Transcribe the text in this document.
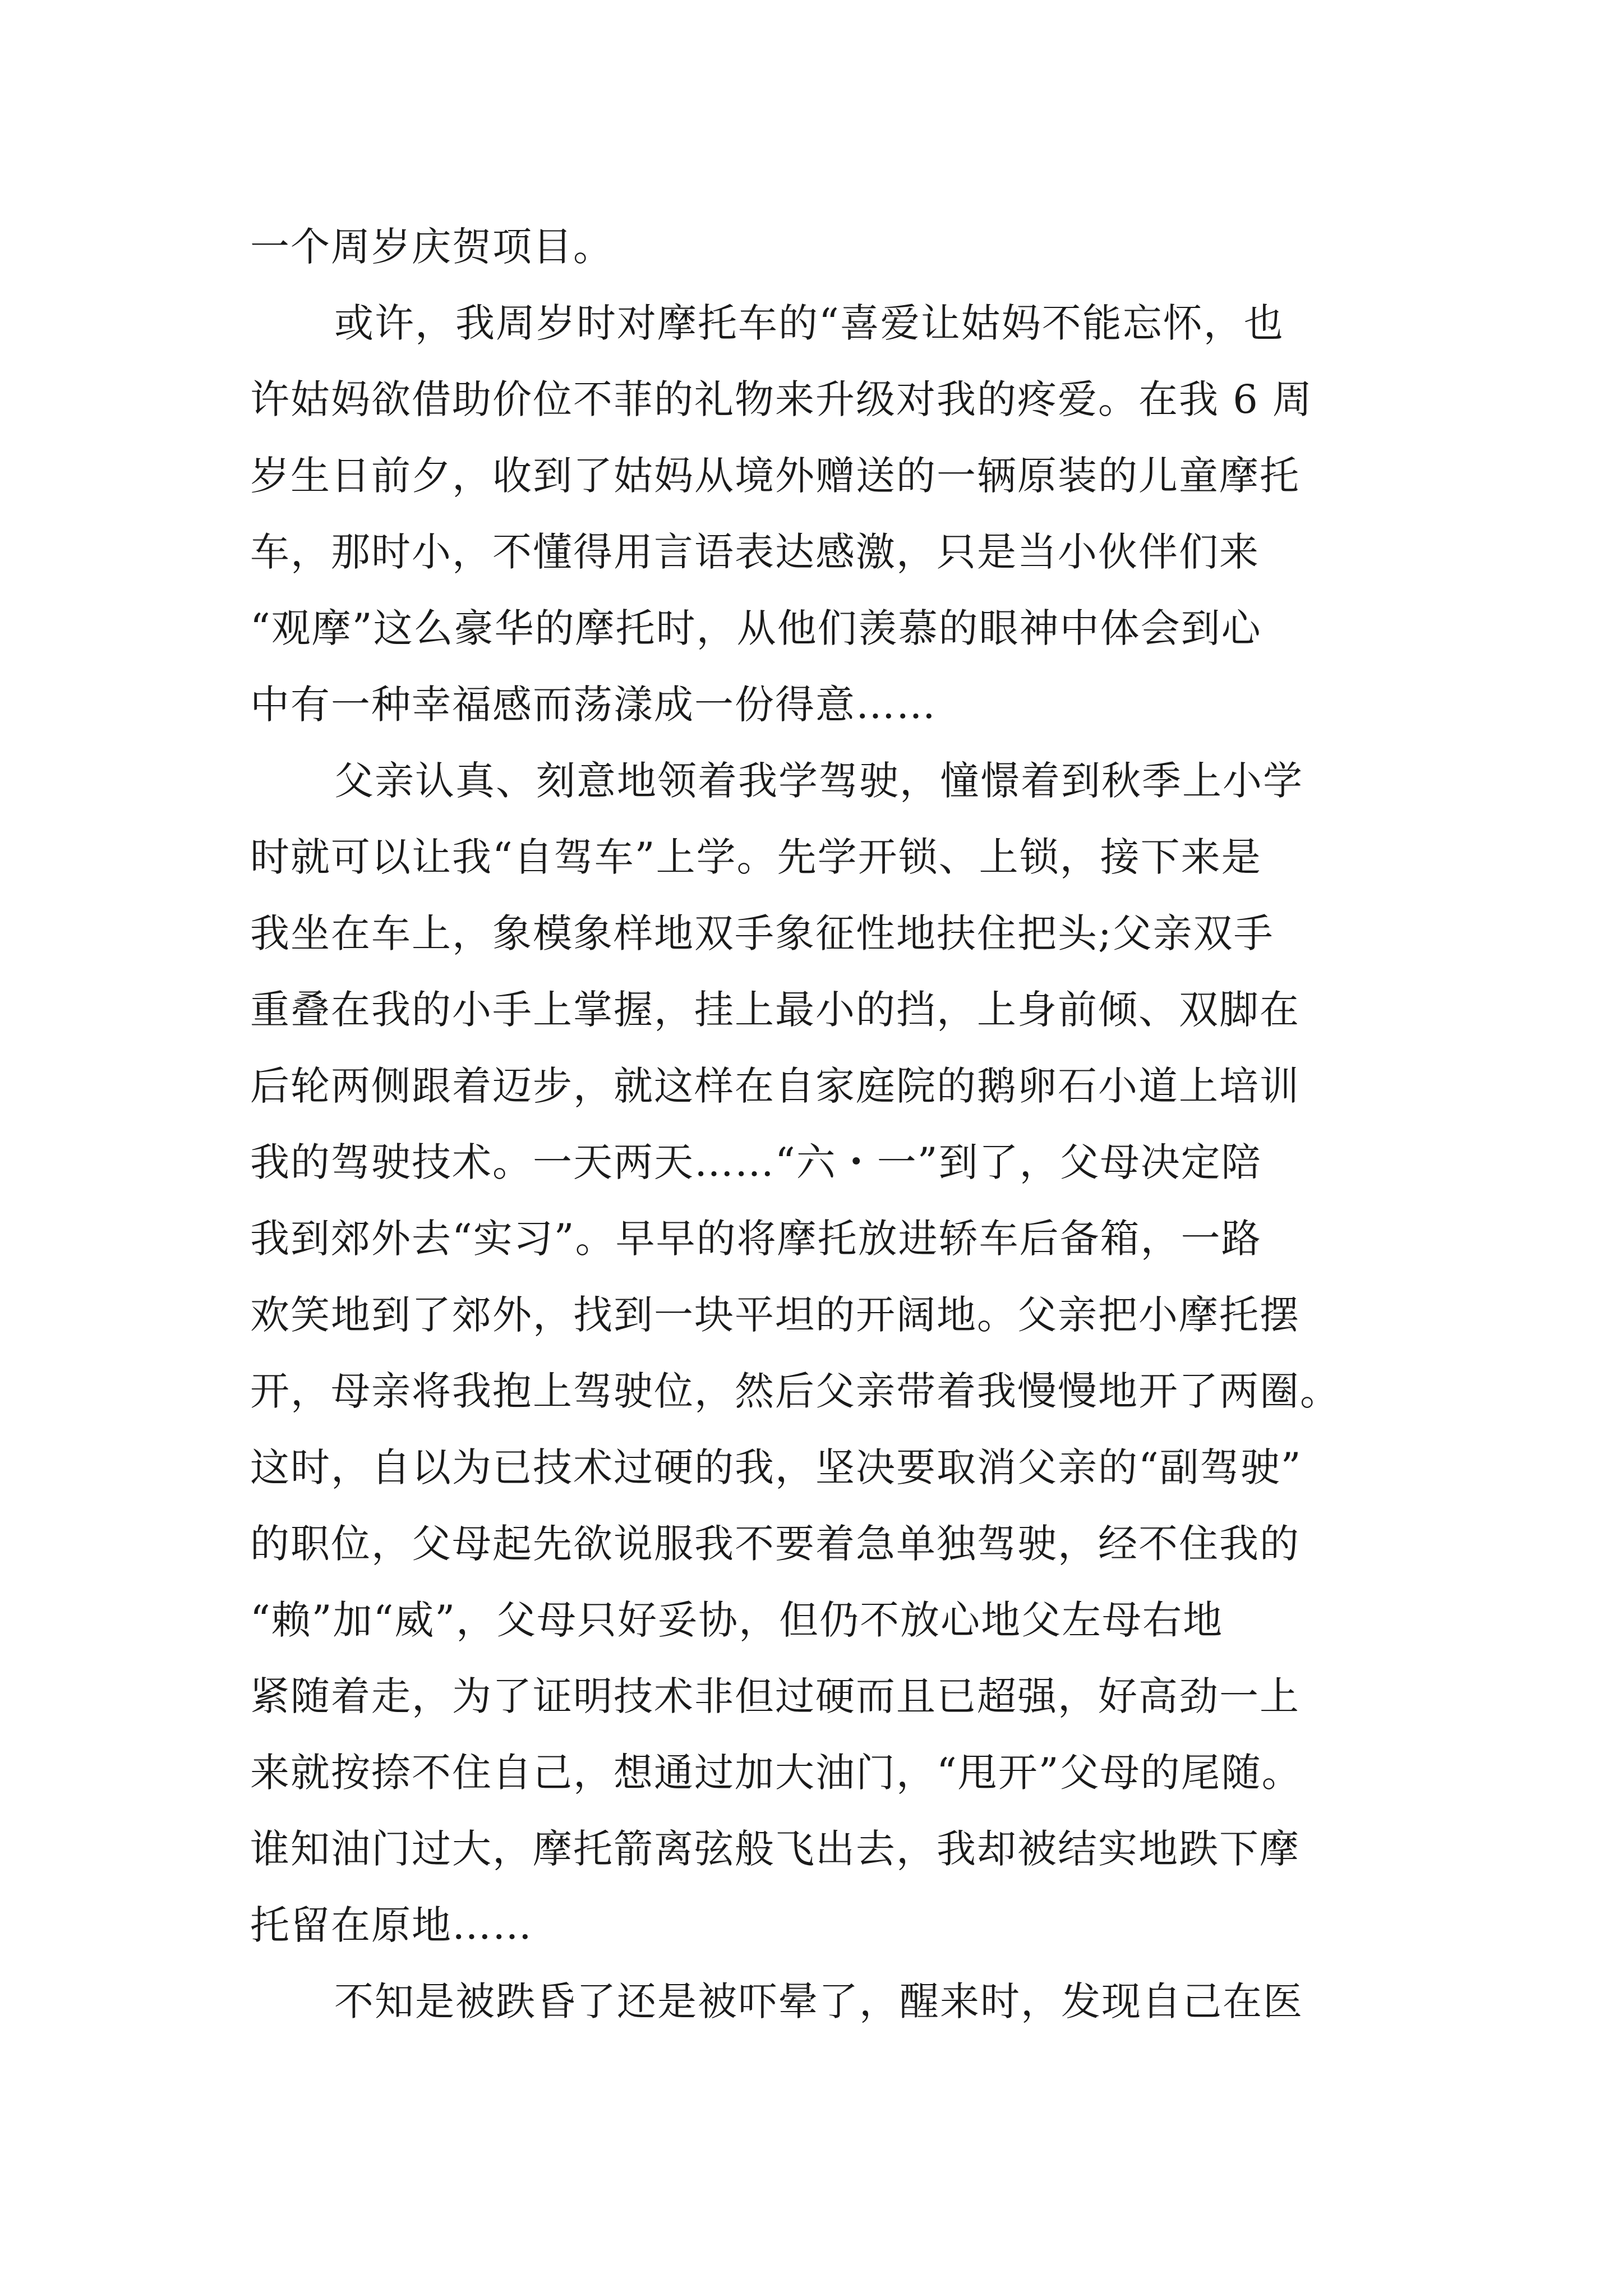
一个周岁庆贺项目。
或许，我周岁时对摩托车的“喜爱让姑妈不能忘怀，也
许姑妈欲借助价位不菲的礼物来升级对我的疼爱。在我 6 周
岁生日前夕，收到了姑妈从境外赠送的一辆原装的儿童摩托
车，那时小，不懂得用言语表达感激，只是当小伙伴们来
“观摩”这么豪华的摩托时，从他们羡慕的眼神中体会到心
中有一种幸福感而荡漾成一份得意……
父亲认真、刻意地领着我学驾驶，憧憬着到秋季上小学
时就可以让我“自驾车”上学。先学开锁、上锁，接下来是
我坐在车上，象模象样地双手象征性地扶住把头;父亲双手
重叠在我的小手上掌握，挂上最小的挡，上身前倾、双脚在
后轮两侧跟着迈步，就这样在自家庭院的鹅卵石小道上培训
我的驾驶技术。一天两天……“六・一”到了，父母决定陪
我到郊外去“实习”。早早的将摩托放进轿车后备箱，一路
欢笑地到了郊外，找到一块平坦的开阔地。父亲把小摩托摆
开，母亲将我抱上驾驶位，然后父亲带着我慢慢地开了两圈。
这时，自以为已技术过硬的我，坚决要取消父亲的“副驾驶”
的职位，父母起先欲说服我不要着急单独驾驶，经不住我的
“赖”加“威”，父母只好妥协，但仍不放心地父左母右地
紧随着走，为了证明技术非但过硬而且已超强，好高劲一上
来就按捺不住自己，想通过加大油门，“甩开”父母的尾随。
谁知油门过大，摩托箭离弦般飞出去，我却被结实地跌下摩
托留在原地……
不知是被跌昏了还是被吓晕了，醒来时，发现自己在医
